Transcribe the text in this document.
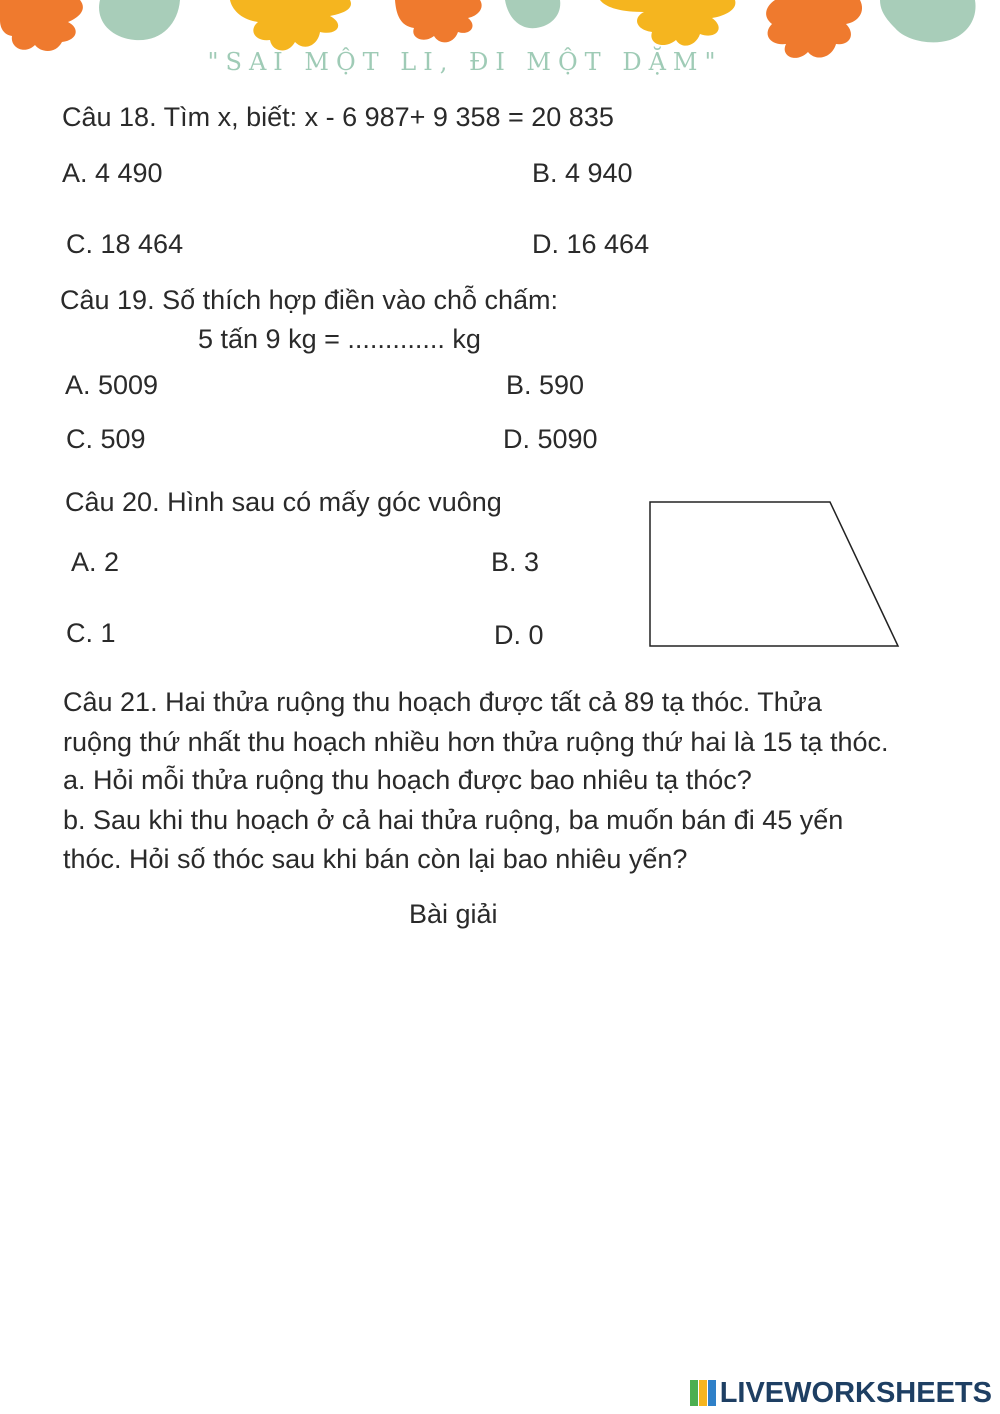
"SAI MỘT LI, ĐI MỘT DẶM"
Câu 18. Tìm x, biết: x - 6 987+ 9 358 = 20 835
A. 4 490	B. 4 940
C. 18 464	D. 16 464
Câu 19. Số thích hợp điền vào chỗ chấm:
5 tấn 9 kg = ............. kg
A. 5009	B. 590
C. 509	D. 5090
Câu 20. Hình sau có mấy góc vuông
A. 2	B. 3
C. 1	D. 0
Câu 21. Hai thửa ruộng thu hoạch được tất cả 89 tạ thóc. Thửa
ruộng thứ nhất thu hoạch nhiều hơn thửa ruộng thứ hai là 15 tạ thóc.
a. Hỏi mỗi thửa ruộng thu hoạch được bao nhiêu tạ thóc?
b. Sau khi thu hoạch ở cả hai thửa ruộng, ba muốn bán đi 45 yến
thóc. Hỏi số thóc sau khi bán còn lại bao nhiêu yến?
Bài giải
LIVEWORKSHEETS
